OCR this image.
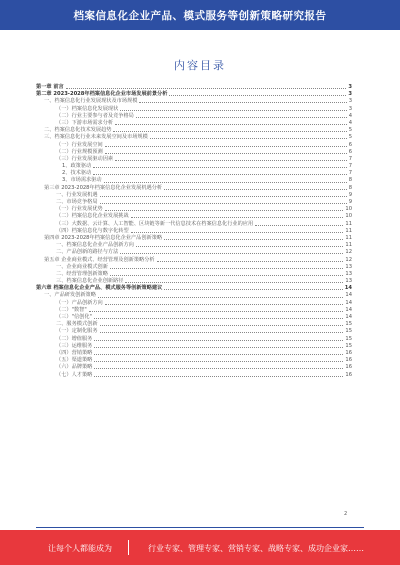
档案信息化企业产品、模式服务等创新策略研究报告
内容目录
第一章 前言	3
第二章 2023-2028年档案信息化企业市场发展前景分析	3
一、档案信息化行业发展现状及市场规模	3
（一）档案信息化发展现状	3
（二）行业主要参与者及竞争格局	4
（三）下游市场需求分析	4
二、档案信息化技术发展趋势	5
三、档案信息化行业未来发展空间及市场规模	5
（一）行业发展空间	6
（二）行业规模预测	6
（三）行业发展驱动因素	7
1、政策驱动	7
2、技术驱动	7
3、市场需求驱动	8
第三章 2023-2028年档案信息化企业发展机遇分析	8
一、行业发展机遇	9
二、市场竞争格局	9
（一）行业发展优势	10
（二）档案信息化企业发展挑战	10
（三）大数据、云计算、人工智能、区块链等新一代信息技术在档案信息化行业的应用	11
（四）档案信息化与数字化转型	11
第四章 2023-2028年档案信息化企业产品创新策略	11
一、档案信息化企业产品创新方向	11
二、产品创新的路径与方法	12
第五章 企业商业模式、经营管理及创新策略分析	12
一、企业商业模式创新	13
二、经营管理创新策略	13
三、档案信息化企业创新路径	13
第六章 档案信息化企业产品、模式服务等创新策略建议	14
一、产品研发创新策略	14
（一）产品创新方向	14
（二）"数智"	14
（三）"信创化"	14
二、服务模式创新	15
（一）定制化服务	15
（二）增值服务	15
（三）运维服务	15
（四）营销策略	16
（五）渠道策略	16
（六）品牌策略	16
（七）人才策略	16
2
让每个人都能成为	行业专家、管理专家、营销专家、战略专家、成功企业家……
